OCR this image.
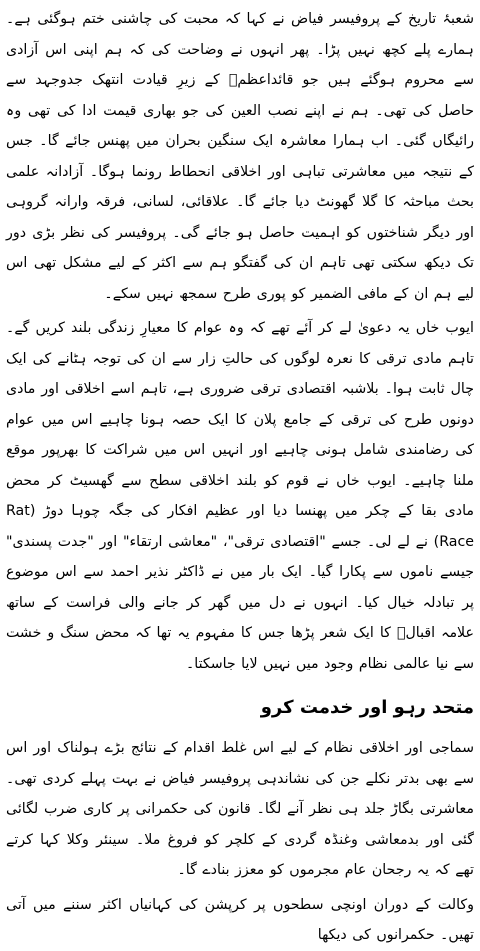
شعبۂ تاریخ کے پروفیسر فیاض نے کہا کہ محبت کی چاشنی ختم ہوگئی ہے۔ ہمارے پلے کچھ نہیں پڑا۔ پھر انہوں نے وضاحت کی کہ ہم اپنی اس آزادی سے محروم ہوگئے ہیں جو قائداعظمؒ کے زیرِ قیادت انتھک جدوجہد سے حاصل کی تھی۔ ہم نے اپنے نصب العین کی جو بھاری قیمت ادا کی تھی وہ رائیگاں گئی۔ اب ہمارا معاشرہ ایک سنگین بحران میں پھنس جائے گا۔ جس کے نتیجہ میں معاشرتی تباہی اور اخلاقی انحطاط رونما ہوگا۔ آزادانہ علمی بحث مباحثہ کا گلا گھونٹ دیا جائے گا۔ علاقائی، لسانی، فرقہ وارانہ گروہی اور دیگر شناختوں کو اہمیت حاصل ہو جائے گی۔ پروفیسر کی نظر بڑی دور تک دیکھ سکتی تھی تاہم ان کی گفتگو ہم سے اکثر کے لیے مشکل تھی اس لیے ہم ان کے مافی الضمیر کو پوری طرح سمجھ نہیں سکے۔

ایوب خاں یہ دعویٰ لے کر آئے تھے کہ وہ عوام کا معیارِ زندگی بلند کریں گے۔ تاہم مادی ترقی کا نعرہ لوگوں کی حالتِ زار سے ان کی توجہ ہٹانے کی ایک چال ثابت ہوا۔ بلاشبہ اقتصادی ترقی ضروری ہے، تاہم اسے اخلاقی اور مادی دونوں طرح کی ترقی کے جامع پلان کا ایک حصہ ہونا چاہیے اس میں عوام کی رضامندی شامل ہونی چاہیے اور انہیں اس میں شراکت کا بھرپور موقع ملنا چاہیے۔ ایوب خاں نے قوم کو بلند اخلاقی سطح سے گھسیٹ کر محض مادی بقا کے چکر میں پھنسا دیا اور عظیم افکار کی جگہ چوہا دوڑ (Rat Race) نے لے لی۔ جسے "اقتصادی ترقی"، "معاشی ارتقاء" اور "جدت پسندی" جیسے ناموں سے پکارا گیا۔ ایک بار میں نے ڈاکٹر نذیر احمد سے اس موضوع پر تبادلہ خیال کیا۔ انہوں نے دل میں گھر کر جانے والی فراست کے ساتھ علامہ اقبالؒ کا ایک شعر پڑھا جس کا مفہوم یہ تھا کہ محض سنگ و خشت سے نیا عالمی نظام وجود میں نہیں لایا جاسکتا۔

متحد رہو اور خدمت کرو

سماجی اور اخلاقی نظام کے لیے اس غلط اقدام کے نتائج بڑے ہولناک اور اس سے بھی بدتر نکلے جن کی نشاندہی پروفیسر فیاض نے بہت پہلے کردی تھی۔ معاشرتی بگاڑ جلد ہی نظر آنے لگا۔ قانون کی حکمرانی پر کاری ضرب لگائی گئی اور بدمعاشی وغنڈہ گردی کے کلچر کو فروغ ملا۔ سینئر وکلا کہا کرتے تھے کہ یہ رجحان عام مجرموں کو معزز بنادے گا۔

وکالت کے دوران اونچی سطحوں پر کرپشن کی کہانیاں اکثر سننے میں آتی تھیں۔ حکمرانوں کی دیکھا
